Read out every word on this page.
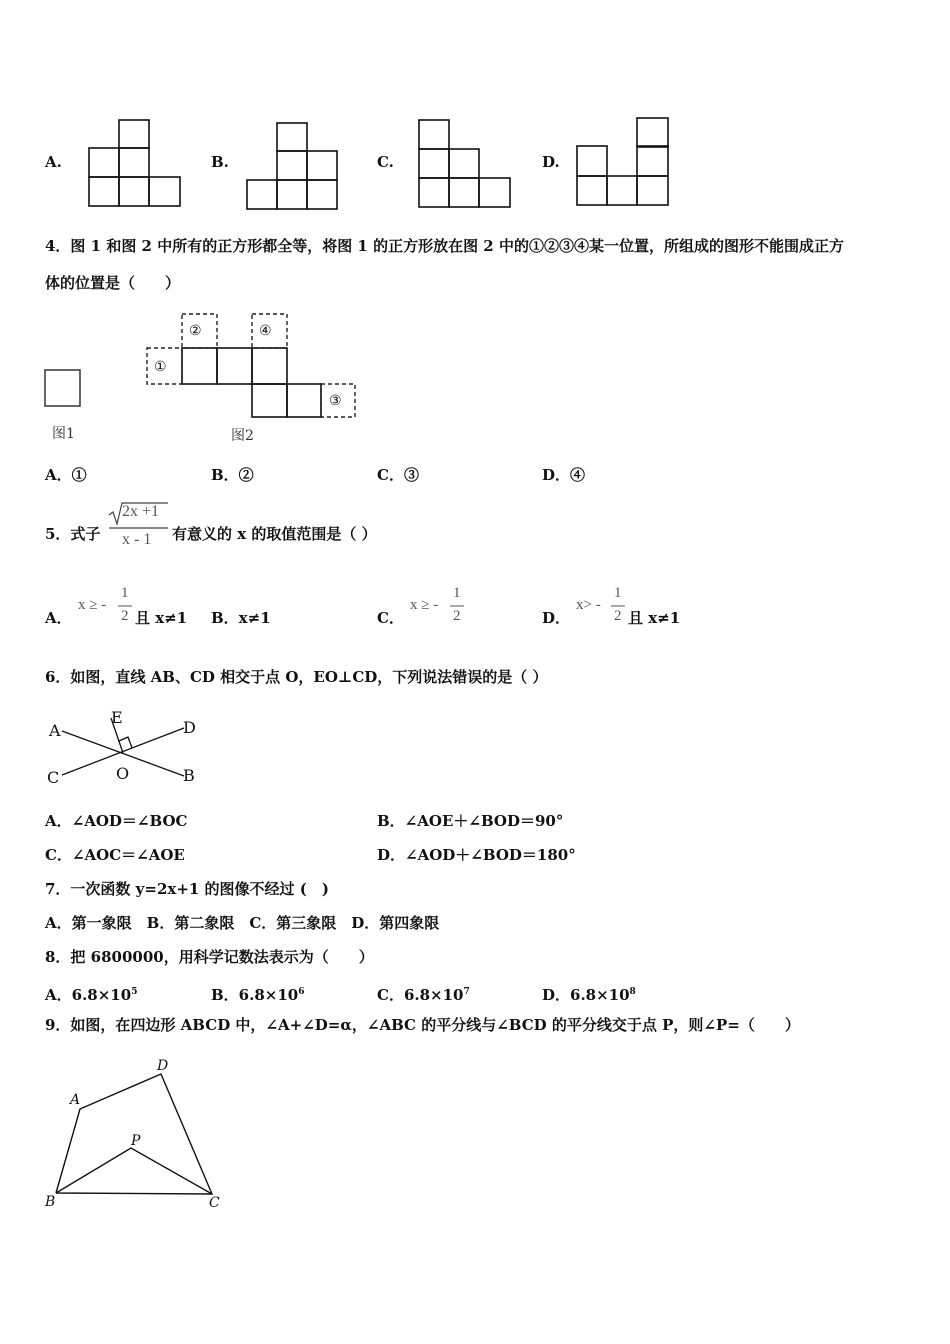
A.	B.	C.	D.
4．图 1 和图 2 中所有的正方形都全等，将图 1 的正方形放在图 2 中的①②③④某一位置，所组成的图形不能围成正方
体的位置是（　　）
图1
①
②
③
④
图2
A．①	B．②	C．③	D．④
5．式子
2x +1
x - 1 有意义的 x 的取值范围是（ ）
A．
x ≥ -
1
2 且 x≠1 B．x≠1	C．
x ≥ -
1
2	D．
x> -
1
2 且 x≠1
6．如图，直线 AB、CD 相交于点 O，EO⊥CD，下列说法错误的是（ ）
A
B
C
D
E
O
A．∠AOD＝∠BOC	B．∠AOE＋∠BOD＝90°
C．∠AOC＝∠AOE	D．∠AOD＋∠BOD＝180°
7．一次函数 y=2x+1 的图像不经过 (　)
A．第一象限　B．第二象限　C．第三象限　D．第四象限
8．把 6800000，用科学记数法表示为（　　）
A．$6.8\times 10^5$	B．$6.8\times 10^6$	C．$6.8\times 10^7$	D．$6.8\times 10^8$
9．如图，在四边形 ABCD 中，∠A+∠D=α，∠ABC 的平分线与∠BCD 的平分线交于点 P，则∠P=（　　）
A
B	C
D
P
